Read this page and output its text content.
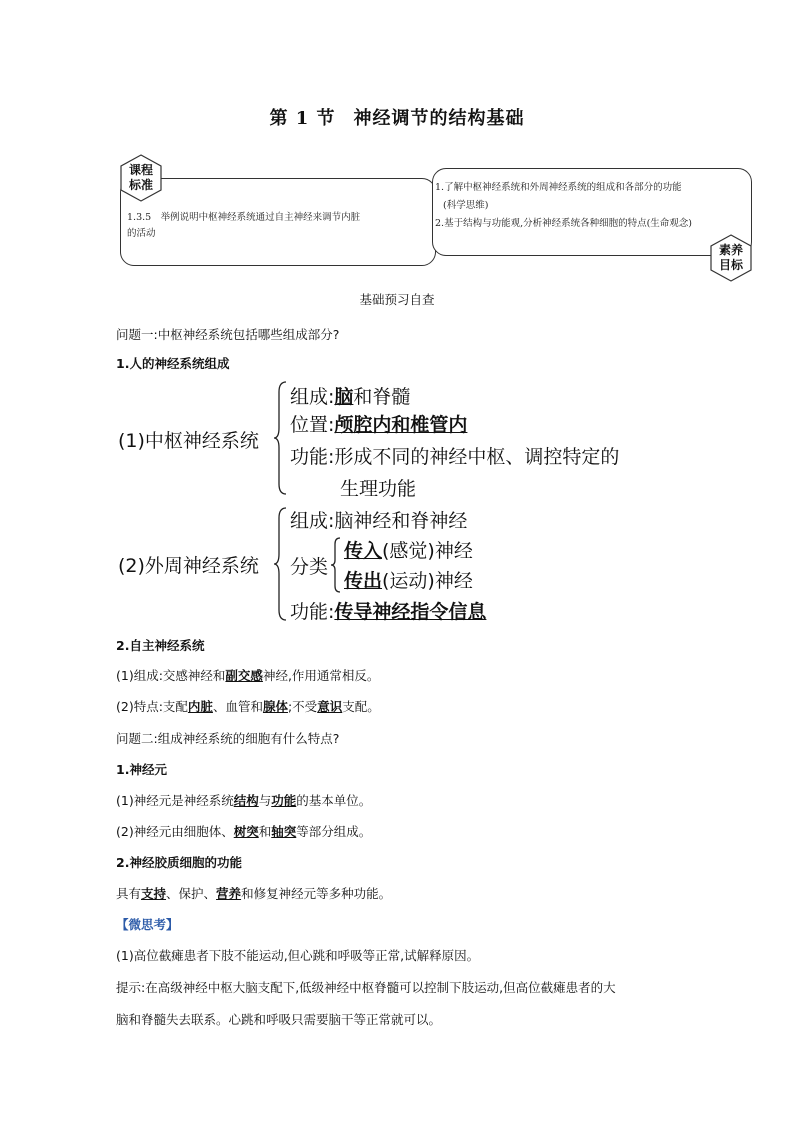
第 1 节 神经调节的结构基础
1.3.5　举例说明中枢神经系统通过自主神经来调节内脏
的活动
1.了解中枢神经系统和外周神经系统的组成和各部分的功能
(科学思维)
2.基于结构与功能观,分析神经系统各种细胞的特点(生命观念)
课程
标准
素养
目标
基础预习自查
问题一:中枢神经系统包括哪些组成部分?
1.人的神经系统组成
(1)中枢神经系统
组成:脑和脊髓
位置:颅腔内和椎管内
功能:形成不同的神经中枢、调控特定的
生理功能
(2)外周神经系统
组成:脑神经和脊神经
分类
传入(感觉)神经
传出(运动)神经
功能:传导神经指令信息
2.自主神经系统
(1)组成:交感神经和副交感神经,作用通常相反。
(2)特点:支配内脏、血管和腺体;不受意识支配。
问题二:组成神经系统的细胞有什么特点?
1.神经元
(1)神经元是神经系统结构与功能的基本单位。
(2)神经元由细胞体、树突和轴突等部分组成。
2.神经胶质细胞的功能
具有支持、保护、营养和修复神经元等多种功能。
【微思考】
(1)高位截瘫患者下肢不能运动,但心跳和呼吸等正常,试解释原因。
提示:在高级神经中枢大脑支配下,低级神经中枢脊髓可以控制下肢运动,但高位截瘫患者的大
脑和脊髓失去联系。心跳和呼吸只需要脑干等正常就可以。
